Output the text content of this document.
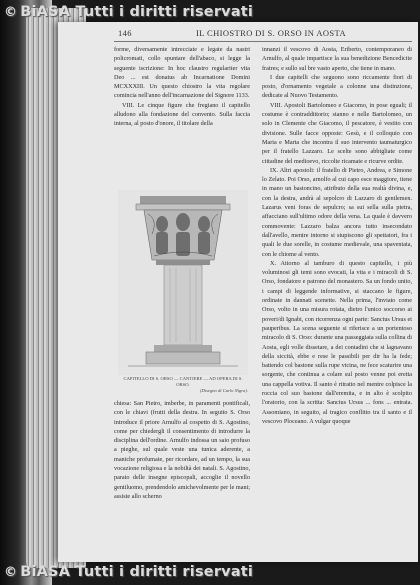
146	IL CHIOSTRO DI S. ORSO IN AOSTA

forme, diversamente intrecciate e legate da nastri policromati, collo spuntare dell'abaco, si legge la seguente iscrizione: In hoc claustro regulariter vita Deo ... est donatus ab Incarnatione Domini MCXXXIII. Un questo chiostro la vita regolare comincia nell'anno dell'incarnazione del Signore 1133.

VIII. Le cinque figure che fregiano il capitello alludono alla fondazione del convento. Sulla faccia interna, al posto d'onore, il titolare della

CAPITELLO DI S. ORSO — CANTIERE — AD OPERA DI S. ORSO.
(Disegno di Carlo Nigra).

chiesa: San Pietro, imberbe, in paramenti pontificali, con le chiavi (frutti della destra. In seguito S. Orso introduce il priore Arnulfo al cospetto di S. Agostino, come per chiedergli il consentimento di introdurre la disciplina dell'ordine. Arnulfo indossa un saio profuso a pieghe, sul quale veste una tunica aderente, a maniche profumate, per ricordare, ad un tempo, la sua vocazione religiosa e la nobiltà dei natali. S. Agostino, parato delle insegne episcopali, accoglie il novello gentiluomo, prendendolo amichevolmente per le mani; assiste allo scherno

innanzi il vescovo di Aosta, Eriberto, contemporaneo di Arnulfo, al quale impartisce la sua benedizione Bencedicite fratres; e sullo sul bre vasto aperto, che tiene in mano.

I due capitelli che seguono sono riccamente fiori di posto, d'ornamento vegetale a colonne una distinzione, dedicate al Nuovo Testamento.

VIII. Apostoli Bartolomeo e Giacomo, in pose eguali; il costume è contraddittorio; stanno e nelle Bartolomeo, un solo in Clemente che Giacomo, il pescatore, è vestito con divisione. Sulle facce opposte: Gesù, e il colloquio con Maria e Marta che incontra il suo intervento taumaturgico per il fratello Lazzaro. Le scelte sono abbigliate come cittadine del medioevo, riccolte ricamate e ricurve ordite.

IX. Altri apostoli: il fratello di Pietro, Andrea, e Simone lo Zelato. Poi Orso, arnolfo al cui capo esce maggiore, tiene in mano un bastoncino, attributo della sua realtà divina, e, con la destra, andrà al sepolcro di Lazzaro di gentlemen. Lazarus veni foras de sepulcro; sa sui sella sulla pietra, affacciano sull'ultimo odore della vena. La quale è davvero commovente: Lazzaro balza ancora tutto insecondato dall'avello, mentre intorno si stupiscono gli spettatori, fra i quali le due sorelle, in costume medievale, una spaventata, con le chiome al vento.

X. Attorno al tamburo di questo capitello, i più voluminosi gli temi sono evocati, la vita e i miracoli di S. Orso, fondatore e patrono del monastero. Sa un fondo unito, i campi di leggende informative, si staccano le figure, ordinate in dannati scenette. Nella prima, l'inviato come Orso, volto in una misura rotata, dietro l'unico soccorso ai poveri/di Ignabi, con ricorrenza ogni parte: Sanctus Ursus et pauperibus. La scena seguente si riferisce a un portentoso miracolo di S. Orso: durante una passeggiata sulla collina di Aosta, egli volle dissetare, a dei contadini che si lagnavano della siccità, ebbe e rese le passibili per dir ha la fede; battendo col bastone sulla rupe vicina, ne fece scaturire una sorgente, che continua a colare sul posto venne poi eretta una cappella votiva. Il santo è ritratto nel mentre colpisce la roccia col suo bastone dall'eremita, e in alto è scolpito l'oratorio, con la scritta: Sanctus Ursus ... fons ... entrata. Assomiano, in seguito, al tragico conflitto tra il santo e il vescovo Ploceano. A vulgar quoque

© BiASA Tutti i diritti riservati
© BiASA Tutti i diritti riservati
